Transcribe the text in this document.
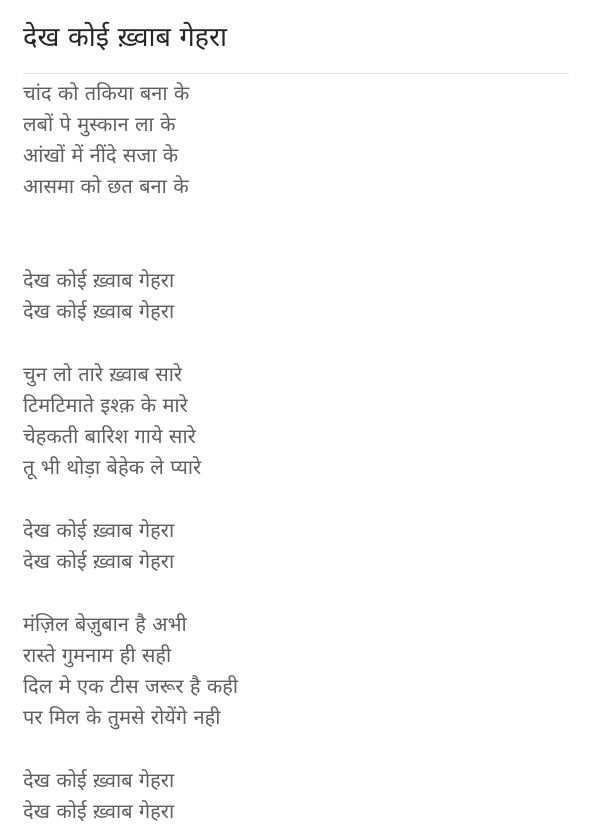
देख कोई ख़्वाब गेहरा
चांद को तकिया बना के
लबों पे मुस्कान ला के
आंखों में नींदे सजा के
आसमा को छत बना के
देख कोई ख़्वाब गेहरा
देख कोई ख़्वाब गेहरा
चुन लो तारे ख़्वाब सारे
टिमटिमाते इश्क़ के मारे
चेहकती बारिश गाये सारे
तू भी थोड़ा बेहेक ले प्यारे
देख कोई ख़्वाब गेहरा
देख कोई ख़्वाब गेहरा
मंज़िल बेज़ुबान है अभी
रास्ते गुमनाम ही सही
दिल मे एक टीस जरूर है कही
पर मिल के तुमसे रोयेंगे नही
देख कोई ख़्वाब गेहरा
देख कोई ख़्वाब गेहरा
